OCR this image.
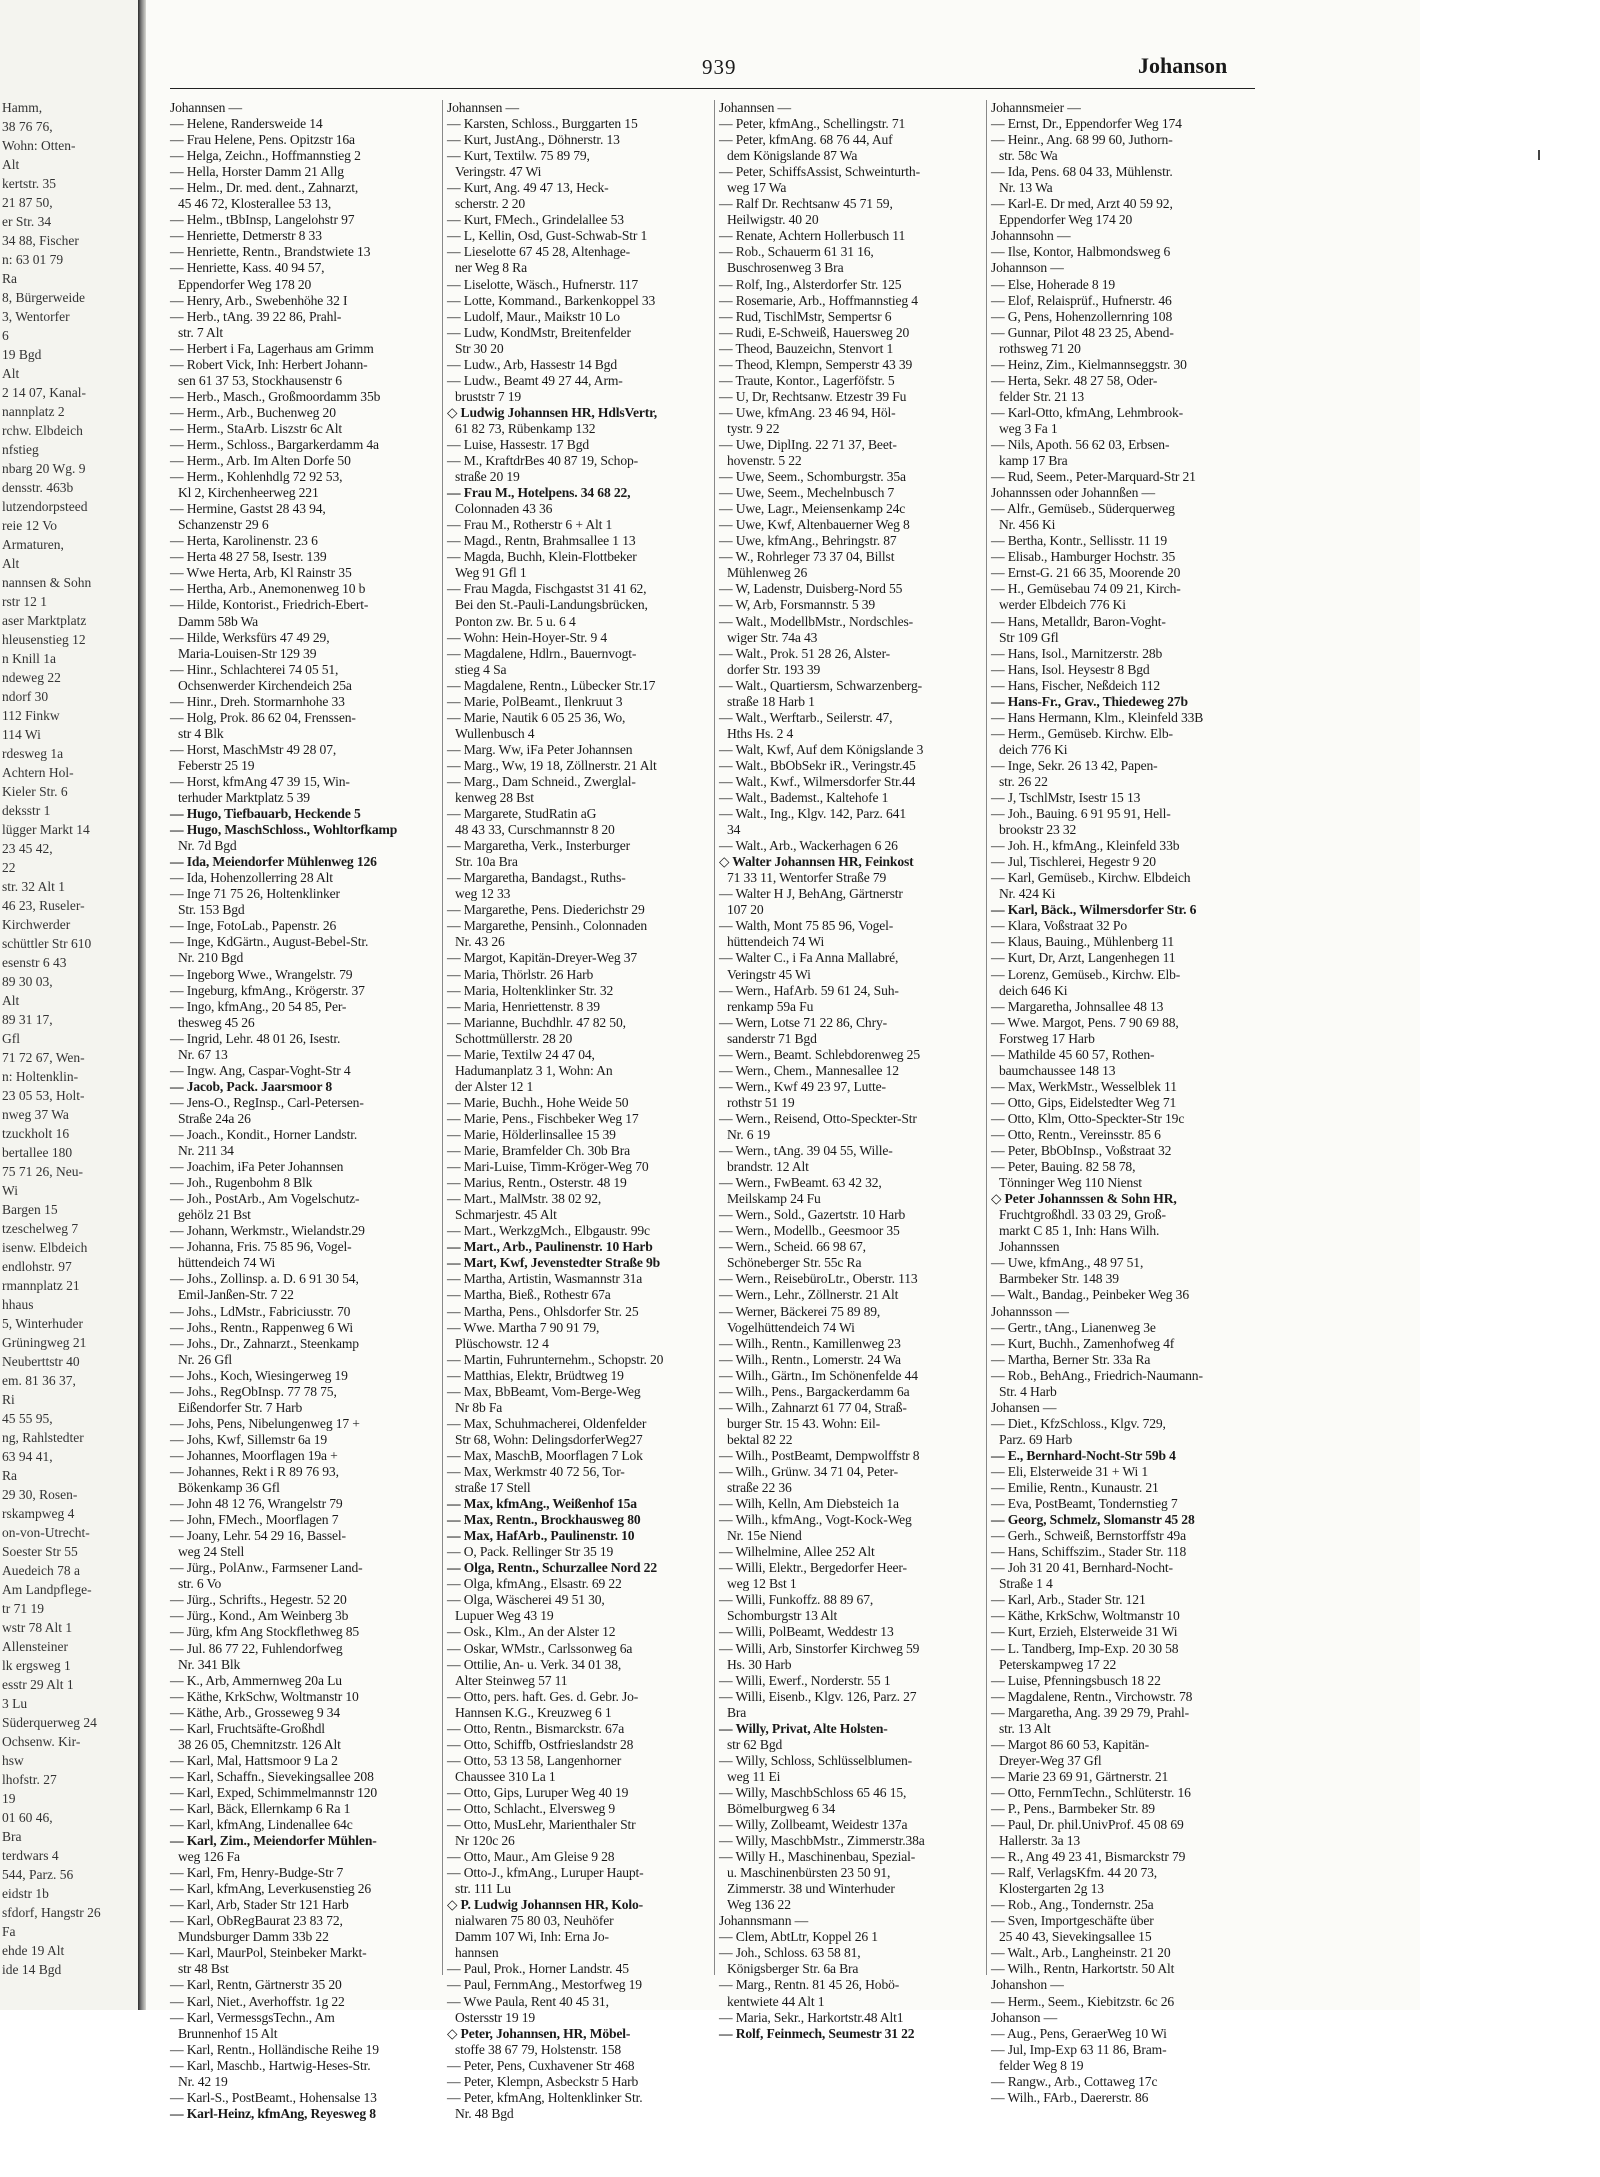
Hamm,
38 76 76,
Wohn: Otten-
Alt
kertstr. 35
21 87 50,
er Str. 34
34 88, Fischer
n: 63 01 79
Ra
8, Bürgerweide
3, Wentorfer
6
19 Bgd
Alt
2 14 07, Kanal-
nannplatz 2
rchw. Elbdeich
nfstieg
nbarg 20 Wg. 9
densstr. 463b
lutzendorpsteed
reie 12 Vo
Armaturen,
Alt
nannsen & Sohn
rstr 12 1
aser Marktplatz
hleusenstieg 12
n Knill 1a
ndeweg 22
ndorf 30
112 Finkw
114 Wi
rdesweg 1a
Achtern Hol-
Kieler Str. 6
deksstr 1
lügger Markt 14
23 45 42,
22
str. 32 Alt 1
46 23, Ruseler-
Kirchwerder
schüttler Str 610
esenstr 6 43
89 30 03,
Alt
89 31 17,
Gfl
71 72 67, Wen-
n: Holtenklin-
23 05 53, Holt-
nweg 37 Wa
tzuckholt 16
bertallee 180
75 71 26, Neu-
Wi
Bargen 15
tzeschelweg 7
isenw. Elbdeich
endlohstr. 97
rmannplatz 21
hhaus
5, Winterhuder
Grüningweg 21
Neuberttstr 40
em. 81 36 37,
Ri
45 55 95,
ng, Rahlstedter
63 94 41,
Ra
29 30, Rosen-
rskampweg 4
on-von-Utrecht-
Soester Str 55
Auedeich 78 a
Am Landpflege-
tr 71 19
wstr 78 Alt 1
Allensteiner
lk ergsweg 1
esstr 29 Alt 1
3 Lu
Süderquerweg 24
Ochsenw. Kir-
hsw
lhofstr. 27
19
01 60 46,
Bra
terdwars 4
544, Parz. 56
eidstr 1b
sfdorf, Hangstr 26
Fa
ehde 19 Alt
ide 14 Bgd
939	Johanson
Johannsen —
— Helene, Randersweide 14
— Frau Helene, Pens. Opitzstr 16a
— Helga, Zeichn., Hoffmannstieg 2
— Hella, Horster Damm 21 Allg
— Helm., Dr. med. dent., Zahnarzt,
45 46 72, Klosterallee 53 13,
— Helm., tBbInsp, Langelohstr 97
— Henriette, Detmerstr 8 33
— Henriette, Rentn., Brandstwiete 13
— Henriette, Kass. 40 94 57,
Eppendorfer Weg 178 20
— Henry, Arb., Swebenhöhe 32 I
— Herb., tAng. 39 22 86, Prahl-
str. 7 Alt
— Herbert i Fa, Lagerhaus am Grimm
— Robert Vick, Inh: Herbert Johann-
sen 61 37 53, Stockhausenstr 6
— Herb., Masch., Großmoordamm 35b
— Herm., Arb., Buchenweg 20
— Herm., StaArb. Liszstr 6c Alt
— Herm., Schloss., Bargarkerdamm 4a
— Herm., Arb. Im Alten Dorfe 50
— Herm., Kohlenhdlg 72 92 53,
Kl 2, Kirchenheerweg 221
— Hermine, Gastst 28 43 94,
Schanzenstr 29 6
— Herta, Karolinenstr. 23 6
— Herta 48 27 58, Isestr. 139
— Wwe Herta, Arb, Kl Rainstr 35
— Hertha, Arb., Anemonenweg 10 b
— Hilde, Kontorist., Friedrich-Ebert-
Damm 58b Wa
— Hilde, Werksfürs 47 49 29,
Maria-Louisen-Str 129 39
— Hinr., Schlachterei 74 05 51,
Ochsenwerder Kirchendeich 25a
— Hinr., Dreh. Stormarnhohe 33
— Holg, Prok. 86 62 04, Frenssen-
str 4 Blk
— Horst, MaschMstr 49 28 07,
Feberstr 25 19
— Horst, kfmAng 47 39 15, Win-
terhuder Marktplatz 5 39
— Hugo, Tiefbauarb, Heckende 5
— Hugo, MaschSchloss., Wohltorfkamp
Nr. 7d Bgd
— Ida, Meiendorfer Mühlenweg 126
— Ida, Hohenzollerring 28 Alt
— Inge 71 75 26, Holtenklinker
Str. 153 Bgd
— Inge, FotoLab., Papenstr. 26
— Inge, KdGärtn., August-Bebel-Str.
Nr. 210 Bgd
— Ingeborg Wwe., Wrangelstr. 79
— Ingeburg, kfmAng., Krögerstr. 37
— Ingo, kfmAng., 20 54 85, Per-
thesweg 45 26
— Ingrid, Lehr. 48 01 26, Isestr.
Nr. 67 13
— Ingw. Ang, Caspar-Voght-Str 4
— Jacob, Pack. Jaarsmoor 8
— Jens-O., RegInsp., Carl-Petersen-
Straße 24a 26
— Joach., Kondit., Horner Landstr.
Nr. 211 34
— Joachim, iFa Peter Johannsen
— Joh., Rugenbohm 8 Blk
— Joh., PostArb., Am Vogelschutz-
gehölz 21 Bst
— Johann, Werkmstr., Wielandstr.29
— Johanna, Fris. 75 85 96, Vogel-
hüttendeich 74 Wi
— Johs., Zollinsp. a. D. 6 91 30 54,
Emil-Janßen-Str. 7 22
— Johs., LdMstr., Fabriciusstr. 70
— Johs., Rentn., Rappenweg 6 Wi
— Johs., Dr., Zahnarzt., Steenkamp
Nr. 26 Gfl
— Johs., Koch, Wiesingerweg 19
— Johs., RegObInsp. 77 78 75,
Eißendorfer Str. 7 Harb
— Johs, Pens, Nibelungenweg 17 +
— Johs, Kwf, Sillemstr 6a 19
— Johannes, Moorflagen 19a +
— Johannes, Rekt i R 89 76 93,
Bökenkamp 36 Gfl
— John 48 12 76, Wrangelstr 79
— John, FMech., Moorflagen 7
— Joany, Lehr. 54 29 16, Bassel-
weg 24 Stell
— Jürg., PolAnw., Farmsener Land-
str. 6 Vo
— Jürg., Schrifts., Hegestr. 52 20
— Jürg., Kond., Am Weinberg 3b
— Jürg, kfm Ang Stockflethweg 85
— Jul. 86 77 22, Fuhlendorfweg
Nr. 341 Blk
— K., Arb, Ammernweg 20a Lu
— Käthe, KrkSchw, Woltmanstr 10
— Käthe, Arb., Grosseweg 9 34
— Karl, Fruchtsäfte-Großhdl
38 26 05, Chemnitzstr. 126 Alt
— Karl, Mal, Hattsmoor 9 La 2
— Karl, Schaffn., Sievekingsallee 208
— Karl, Exped, Schimmelmannstr 120
— Karl, Bäck, Ellernkamp 6 Ra 1
— Karl, kfmAng, Lindenallee 64c
— Karl, Zim., Meiendorfer Mühlen-
weg 126 Fa
— Karl, Fm, Henry-Budge-Str 7
— Karl, kfmAng, Leverkusenstieg 26
— Karl, Arb, Stader Str 121 Harb
— Karl, ObRegBaurat 23 83 72,
Mundsburger Damm 33b 22
— Karl, MaurPol, Steinbeker Markt-
str 48 Bst
— Karl, Rentn, Gärtnerstr 35 20
— Karl, Niet., Averhoffstr. 1g 22
— Karl, VermessgsTechn., Am
Brunnenhof 15 Alt
— Karl, Rentn., Holländische Reihe 19
— Karl, Maschb., Hartwig-Heses-Str.
Nr. 42 19
— Karl-S., PostBeamt., Hohensalse 13
— Karl-Heinz, kfmAng, Reyesweg 8
Johannsen —
— Karsten, Schloss., Burggarten 15
— Kurt, JustAng., Döhnerstr. 13
— Kurt, Textilw. 75 89 79,
Veringstr. 47 Wi
— Kurt, Ang. 49 47 13, Heck-
scherstr. 2 20
— Kurt, FMech., Grindelallee 53
— L, Kellin, Osd, Gust-Schwab-Str 1
— Lieselotte 67 45 28, Altenhage-
ner Weg 8 Ra
— Liselotte, Wäsch., Hufnerstr. 117
— Lotte, Kommand., Barkenkoppel 33
— Ludolf, Maur., Maikstr 10 Lo
— Ludw, KondMstr, Breitenfelder
Str 30 20
— Ludw., Arb, Hassestr 14 Bgd
— Ludw., Beamt 49 27 44, Arm-
bruststr 7 19
◇ Ludwig Johannsen HR, HdlsVertr,
61 82 73, Rübenkamp 132
— Luise, Hassestr. 17 Bgd
— M., KraftdrBes 40 87 19, Schop-
straße 20 19
— Frau M., Hotelpens. 34 68 22,
Colonnaden 43 36
— Frau M., Rotherstr 6 + Alt 1
— Magd., Rentn, Brahmsallee 1 13
— Magda, Buchh, Klein-Flottbeker
Weg 91 Gfl 1
— Frau Magda, Fischgastst 31 41 62,
Bei den St.-Pauli-Landungsbrücken,
Ponton zw. Br. 5 u. 6 4
— Wohn: Hein-Hoyer-Str. 9 4
— Magdalene, Hdlrn., Bauernvogt-
stieg 4 Sa
— Magdalene, Rentn., Lübecker Str.17
— Marie, PolBeamt., Ilenkruut 3
— Marie, Nautik 6 05 25 36, Wo,
Wullenbusch 4
— Marg. Ww, iFa Peter Johannsen
— Marg., Ww, 19 18, Zöllnerstr. 21 Alt
— Marg., Dam Schneid., Zwerglal-
kenweg 28 Bst
— Margarete, StudRatin aG
48 43 33, Curschmannstr 8 20
— Margaretha, Verk., Insterburger
Str. 10a Bra
— Margaretha, Bandagst., Ruths-
weg 12 33
— Margarethe, Pens. Diederichstr 29
— Margarethe, Pensinh., Colonnaden
Nr. 43 26
— Margot, Kapitän-Dreyer-Weg 37
— Maria, Thörlstr. 26 Harb
— Maria, Holtenklinker Str. 32
— Maria, Henriettenstr. 8 39
— Marianne, Buchdhlr. 47 82 50,
Schottmüllerstr. 28 20
— Marie, Textilw 24 47 04,
Hadumanplatz 3 1, Wohn: An
der Alster 12 1
— Marie, Buchh., Hohe Weide 50
— Marie, Pens., Fischbeker Weg 17
— Marie, Hölderlinsallee 15 39
— Marie, Bramfelder Ch. 30b Bra
— Mari-Luise, Timm-Kröger-Weg 70
— Marius, Rentn., Osterstr. 48 19
— Mart., MalMstr. 38 02 92,
Schmarjestr. 45 Alt
— Mart., WerkzgMch., Elbgaustr. 99c
— Mart., Arb., Paulinenstr. 10 Harb
— Mart, Kwf, Jevenstedter Straße 9b
— Martha, Artistin, Wasmannstr 31a
— Martha, Bieß., Rothestr 67a
— Martha, Pens., Ohlsdorfer Str. 25
— Wwe. Martha 7 90 91 79,
Plüschowstr. 12 4
— Martin, Fuhrunternehm., Schopstr. 20
— Matthias, Elektr, Brüdtweg 19
— Max, BbBeamt, Vom-Berge-Weg
Nr 8b Fa
— Max, Schuhmacherei, Oldenfelder
Str 68, Wohn: DelingsdorferWeg27
— Max, MaschB, Moorflagen 7 Lok
— Max, Werkmstr 40 72 56, Tor-
straße 17 Stell
— Max, kfmAng., Weißenhof 15a
— Max, Rentn., Brockhausweg 80
— Max, HafArb., Paulinenstr. 10
— O, Pack. Rellinger Str 35 19
— Olga, Rentn., Schurzallee Nord 22
— Olga, kfmAng., Elsastr. 69 22
— Olga, Wäscherei 49 51 30,
Lupuer Weg 43 19
— Osk., Klm., An der Alster 12
— Oskar, WMstr., Carlssonweg 6a
— Ottilie, An- u. Verk. 34 01 38,
Alter Steinweg 57 11
— Otto, pers. haft. Ges. d. Gebr. Jo-
Hannsen K.G., Kreuzweg 6 1
— Otto, Rentn., Bismarckstr. 67a
— Otto, Schiffb, Ostfrieslandstr 28
— Otto, 53 13 58, Langenhorner
Chaussee 310 La 1
— Otto, Gips, Luruper Weg 40 19
— Otto, Schlacht., Elversweg 9
— Otto, MusLehr, Marienthaler Str
Nr 120c 26
— Otto, Maur., Am Gleise 9 28
— Otto-J., kfmAng., Luruper Haupt-
str. 111 Lu
◇ P. Ludwig Johannsen HR, Kolo-
nialwaren 75 80 03, Neuhöfer
Damm 107 Wi, Inh: Erna Jo-
hannsen
— Paul, Prok., Horner Landstr. 45
— Paul, FernmAng., Mestorfweg 19
— Wwe Paula, Rent 40 45 31,
Ostersstr 19 19
◇ Peter, Johannsen, HR, Möbel-
stoffe 38 67 79, Holstenstr. 158
— Peter, Pens, Cuxhavener Str 468
— Peter, Klempn, Asbeckstr 5 Harb
— Peter, kfmAng, Holtenklinker Str.
Nr. 48 Bgd
Johannsen —
— Peter, kfmAng., Schellingstr. 71
— Peter, kfmAng. 68 76 44, Auf
dem Königslande 87 Wa
— Peter, SchiffsAssist, Schweinturth-
weg 17 Wa
— Ralf Dr. Rechtsanw 45 71 59,
Heilwigstr. 40 20
— Renate, Achtern Hollerbusch 11
— Rob., Schauerm 61 31 16,
Buschrosenweg 3 Bra
— Rolf, Ing., Alsterdorfer Str. 125
— Rosemarie, Arb., Hoffmannstieg 4
— Rud, TischlMstr, Sempertsr 6
— Rudi, E-Schweiß, Hauersweg 20
— Theod, Bauzeichn, Stenvort 1
— Theod, Klempn, Semperstr 43 39
— Traute, Kontor., Lagerföfstr. 5
— U, Dr, Rechtsanw. Etzestr 39 Fu
— Uwe, kfmAng. 23 46 94, Höl-
tystr. 9 22
— Uwe, DiplIng. 22 71 37, Beet-
hovenstr. 5 22
— Uwe, Seem., Schomburgstr. 35a
— Uwe, Seem., Mechelnbusch 7
— Uwe, Lagr., Meiensenkamp 24c
— Uwe, Kwf, Altenbauerner Weg 8
— Uwe, kfmAng., Behringstr. 87
— W., Rohrleger 73 37 04, Billst
Mühlenweg 26
— W, Ladenstr, Duisberg-Nord 55
— W, Arb, Forsmannstr. 5 39
— Walt., ModellbMstr., Nordschles-
wiger Str. 74a 43
— Walt., Prok. 51 28 26, Alster-
dorfer Str. 193 39
— Walt., Quartiersm, Schwarzenberg-
straße 18 Harb 1
— Walt., Werftarb., Seilerstr. 47,
Hths Hs. 2 4
— Walt, Kwf, Auf dem Königslande 3
— Walt., BbObSekr iR., Veringstr.45
— Walt., Kwf., Wilmersdorfer Str.44
— Walt., Bademst., Kaltehofe 1
— Walt., Ing., Klgv. 142, Parz. 641
34
— Walt., Arb., Wackerhagen 6 26
◇ Walter Johannsen HR, Feinkost
71 33 11, Wentorfer Straße 79
— Walter H J, BehAng, Gärtnerstr
107 20
— Walth, Mont 75 85 96, Vogel-
hüttendeich 74 Wi
— Walter C., i Fa Anna Mallabré,
Veringstr 45 Wi
— Wern., HafArb. 59 61 24, Suh-
renkamp 59a Fu
— Wern, Lotse 71 22 86, Chry-
sanderstr 71 Bgd
— Wern., Beamt. Schlebdorenweg 25
— Wern., Chem., Mannesallee 12
— Wern., Kwf 49 23 97, Lutte-
rothstr 51 19
— Wern., Reisend, Otto-Speckter-Str
Nr. 6 19
— Wern., tAng. 39 04 55, Wille-
brandstr. 12 Alt
— Wern., FwBeamt. 63 42 32,
Meilskamp 24 Fu
— Wern., Sold., Gazertstr. 10 Harb
— Wern., Modellb., Geesmoor 35
— Wern., Scheid. 66 98 67,
Schöneberger Str. 55c Ra
— Wern., ReisebüroLtr., Oberstr. 113
— Wern., Lehr., Zöllnerstr. 21 Alt
— Werner, Bäckerei 75 89 89,
Vogelhüttendeich 74 Wi
— Wilh., Rentn., Kamillenweg 23
— Wilh., Rentn., Lomerstr. 24 Wa
— Wilh., Gärtn., Im Schönenfelde 44
— Wilh., Pens., Bargackerdamm 6a
— Wilh., Zahnarzt 61 77 04, Straß-
burger Str. 15 43. Wohn: Eil-
bektal 82 22
— Wilh., PostBeamt, Dempwolffstr 8
— Wilh., Grünw. 34 71 04, Peter-
straße 22 36
— Wilh, Kelln, Am Diebsteich 1a
— Wilh., kfmAng., Vogt-Kock-Weg
Nr. 15e Niend
— Wilhelmine, Allee 252 Alt
— Willi, Elektr., Bergedorfer Heer-
weg 12 Bst 1
— Willi, Funkoffz. 88 89 67,
Schomburgstr 13 Alt
— Willi, PolBeamt, Weddestr 13
— Willi, Arb, Sinstorfer Kirchweg 59
Hs. 30 Harb
— Willi, Ewerf., Norderstr. 55 1
— Willi, Eisenb., Klgv. 126, Parz. 27
Bra
— Willy, Privat, Alte Holsten-
str 62 Bgd
— Willy, Schloss, Schlüsselblumen-
weg 11 Ei
— Willy, MaschbSchloss 65 46 15,
Bömelburgweg 6 34
— Willy, Zollbeamt, Weidestr 137a
— Willy, MaschbMstr., Zimmerstr.38a
— Willy H., Maschinenbau, Spezial-
u. Maschinenbürsten 23 50 91,
Zimmerstr. 38 und Winterhuder
Weg 136 22
Johannsmann —
— Clem, AbtLtr, Koppel 26 1
— Joh., Schloss. 63 58 81,
Königsberger Str. 6a Bra
— Marg., Rentn. 81 45 26, Hobö-
kentwiete 44 Alt 1
— Maria, Sekr., Harkortstr.48 Alt1
— Rolf, Feinmech, Seumestr 31 22
Johannsmeier —
— Ernst, Dr., Eppendorfer Weg 174
— Heinr., Ang. 68 99 60, Juthorn-
str. 58c Wa
— Ida, Pens. 68 04 33, Mühlenstr.
Nr. 13 Wa
— Karl-E. Dr med, Arzt 40 59 92,
Eppendorfer Weg 174 20
Johannsohn —
— Ilse, Kontor, Halbmondsweg 6
Johannson —
— Else, Hoherade 8 19
— Elof, Relaisprüf., Hufnerstr. 46
— G, Pens, Hohenzollernring 108
— Gunnar, Pilot 48 23 25, Abend-
rothsweg 71 20
— Heinz, Zim., Kielmannseggstr. 30
— Herta, Sekr. 48 27 58, Oder-
felder Str. 21 13
— Karl-Otto, kfmAng, Lehmbrook-
weg 3 Fa 1
— Nils, Apoth. 56 62 03, Erbsen-
kamp 17 Bra
— Rud, Seem., Peter-Marquard-Str 21
Johannssen oder Johannßen —
— Alfr., Gemüseb., Süderquerweg
Nr. 456 Ki
— Bertha, Kontr., Sellisstr. 11 19
— Elisab., Hamburger Hochstr. 35
— Ernst-G. 21 66 35, Moorende 20
— H., Gemüsebau 74 09 21, Kirch-
werder Elbdeich 776 Ki
— Hans, Metalldr, Baron-Voght-
Str 109 Gfl
— Hans, Isol., Marnitzerstr. 28b
— Hans, Isol. Heysestr 8 Bgd
— Hans, Fischer, Neßdeich 112
— Hans-Fr., Grav., Thiedeweg 27b
— Hans Hermann, Klm., Kleinfeld 33B
— Herm., Gemüseb. Kirchw. Elb-
deich 776 Ki
— Inge, Sekr. 26 13 42, Papen-
str. 26 22
— J, TschlMstr, Isestr 15 13
— Joh., Bauing. 6 91 95 91, Hell-
brookstr 23 32
— Joh. H., kfmAng., Kleinfeld 33b
— Jul, Tischlerei, Hegestr 9 20
— Karl, Gemüseb., Kirchw. Elbdeich
Nr. 424 Ki
— Karl, Bäck., Wilmersdorfer Str. 6
— Klara, Voßstraat 32 Po
— Klaus, Bauing., Mühlenberg 11
— Kurt, Dr, Arzt, Langenhegen 11
— Lorenz, Gemüseb., Kirchw. Elb-
deich 646 Ki
— Margaretha, Johnsallee 48 13
— Wwe. Margot, Pens. 7 90 69 88,
Forstweg 17 Harb
— Mathilde 45 60 57, Rothen-
baumchaussee 148 13
— Max, WerkMstr., Wesselblek 11
— Otto, Gips, Eidelstedter Weg 71
— Otto, Klm, Otto-Speckter-Str 19c
— Otto, Rentn., Vereinsstr. 85 6
— Peter, BbObInsp., Voßstraat 32
— Peter, Bauing. 82 58 78,
Tönninger Weg 110 Nienst
◇ Peter Johannssen & Sohn HR,
Fruchtgroßhdl. 33 03 29, Groß-
markt C 85 1, Inh: Hans Wilh.
Johannssen
— Uwe, kfmAng., 48 97 51,
Barmbeker Str. 148 39
— Walt., Bandag., Peinbeker Weg 36
Johannsson —
— Gertr., tAng., Lianenweg 3e
— Kurt, Buchh., Zamenhofweg 4f
— Martha, Berner Str. 33a Ra
— Rob., BehAng., Friedrich-Naumann-
Str. 4 Harb
Johansen —
— Diet., KfzSchloss., Klgv. 729,
Parz. 69 Harb
— E., Bernhard-Nocht-Str 59b 4
— Eli, Elsterweide 31 + Wi 1
— Emilie, Rentn., Kunaustr. 21
— Eva, PostBeamt, Tondernstieg 7
— Georg, Schmelz, Slomanstr 45 28
— Gerh., Schweiß, Bernstorffstr 49a
— Hans, Schiffszim., Stader Str. 118
— Joh 31 20 41, Bernhard-Nocht-
Straße 1 4
— Karl, Arb., Stader Str. 121
— Käthe, KrkSchw, Woltmanstr 10
— Kurt, Erzieh, Elsterweide 31 Wi
— L. Tandberg, Imp-Exp. 20 30 58
Peterskampweg 17 22
— Luise, Pfenningsbusch 18 22
— Magdalene, Rentn., Virchowstr. 78
— Margaretha, Ang. 39 29 79, Prahl-
str. 13 Alt
— Margot 86 60 53, Kapitän-
Dreyer-Weg 37 Gfl
— Marie 23 69 91, Gärtnerstr. 21
— Otto, FernmTechn., Schlüterstr. 16
— P., Pens., Barmbeker Str. 89
— Paul, Dr. phil.UnivProf. 45 08 69
Hallerstr. 3a 13
— R., Ang 49 23 41, Bismarckstr 79
— Ralf, VerlagsKfm. 44 20 73,
Klostergarten 2g 13
— Rob., Ang., Tondernstr. 25a
— Sven, Importgeschäfte über
25 40 43, Sievekingsallee 15
— Walt., Arb., Langheinstr. 21 20
— Wilh., Rentn, Harkortstr. 50 Alt
Johanshon —
— Herm., Seem., Kiebitzstr. 6c 26
Johanson —
— Aug., Pens, GeraerWeg 10 Wi
— Jul, Imp-Exp 63 11 86, Bram-
felder Weg 8 19
— Rangw., Arb., Cottaweg 17c
— Wilh., FArb., Daererstr. 86
